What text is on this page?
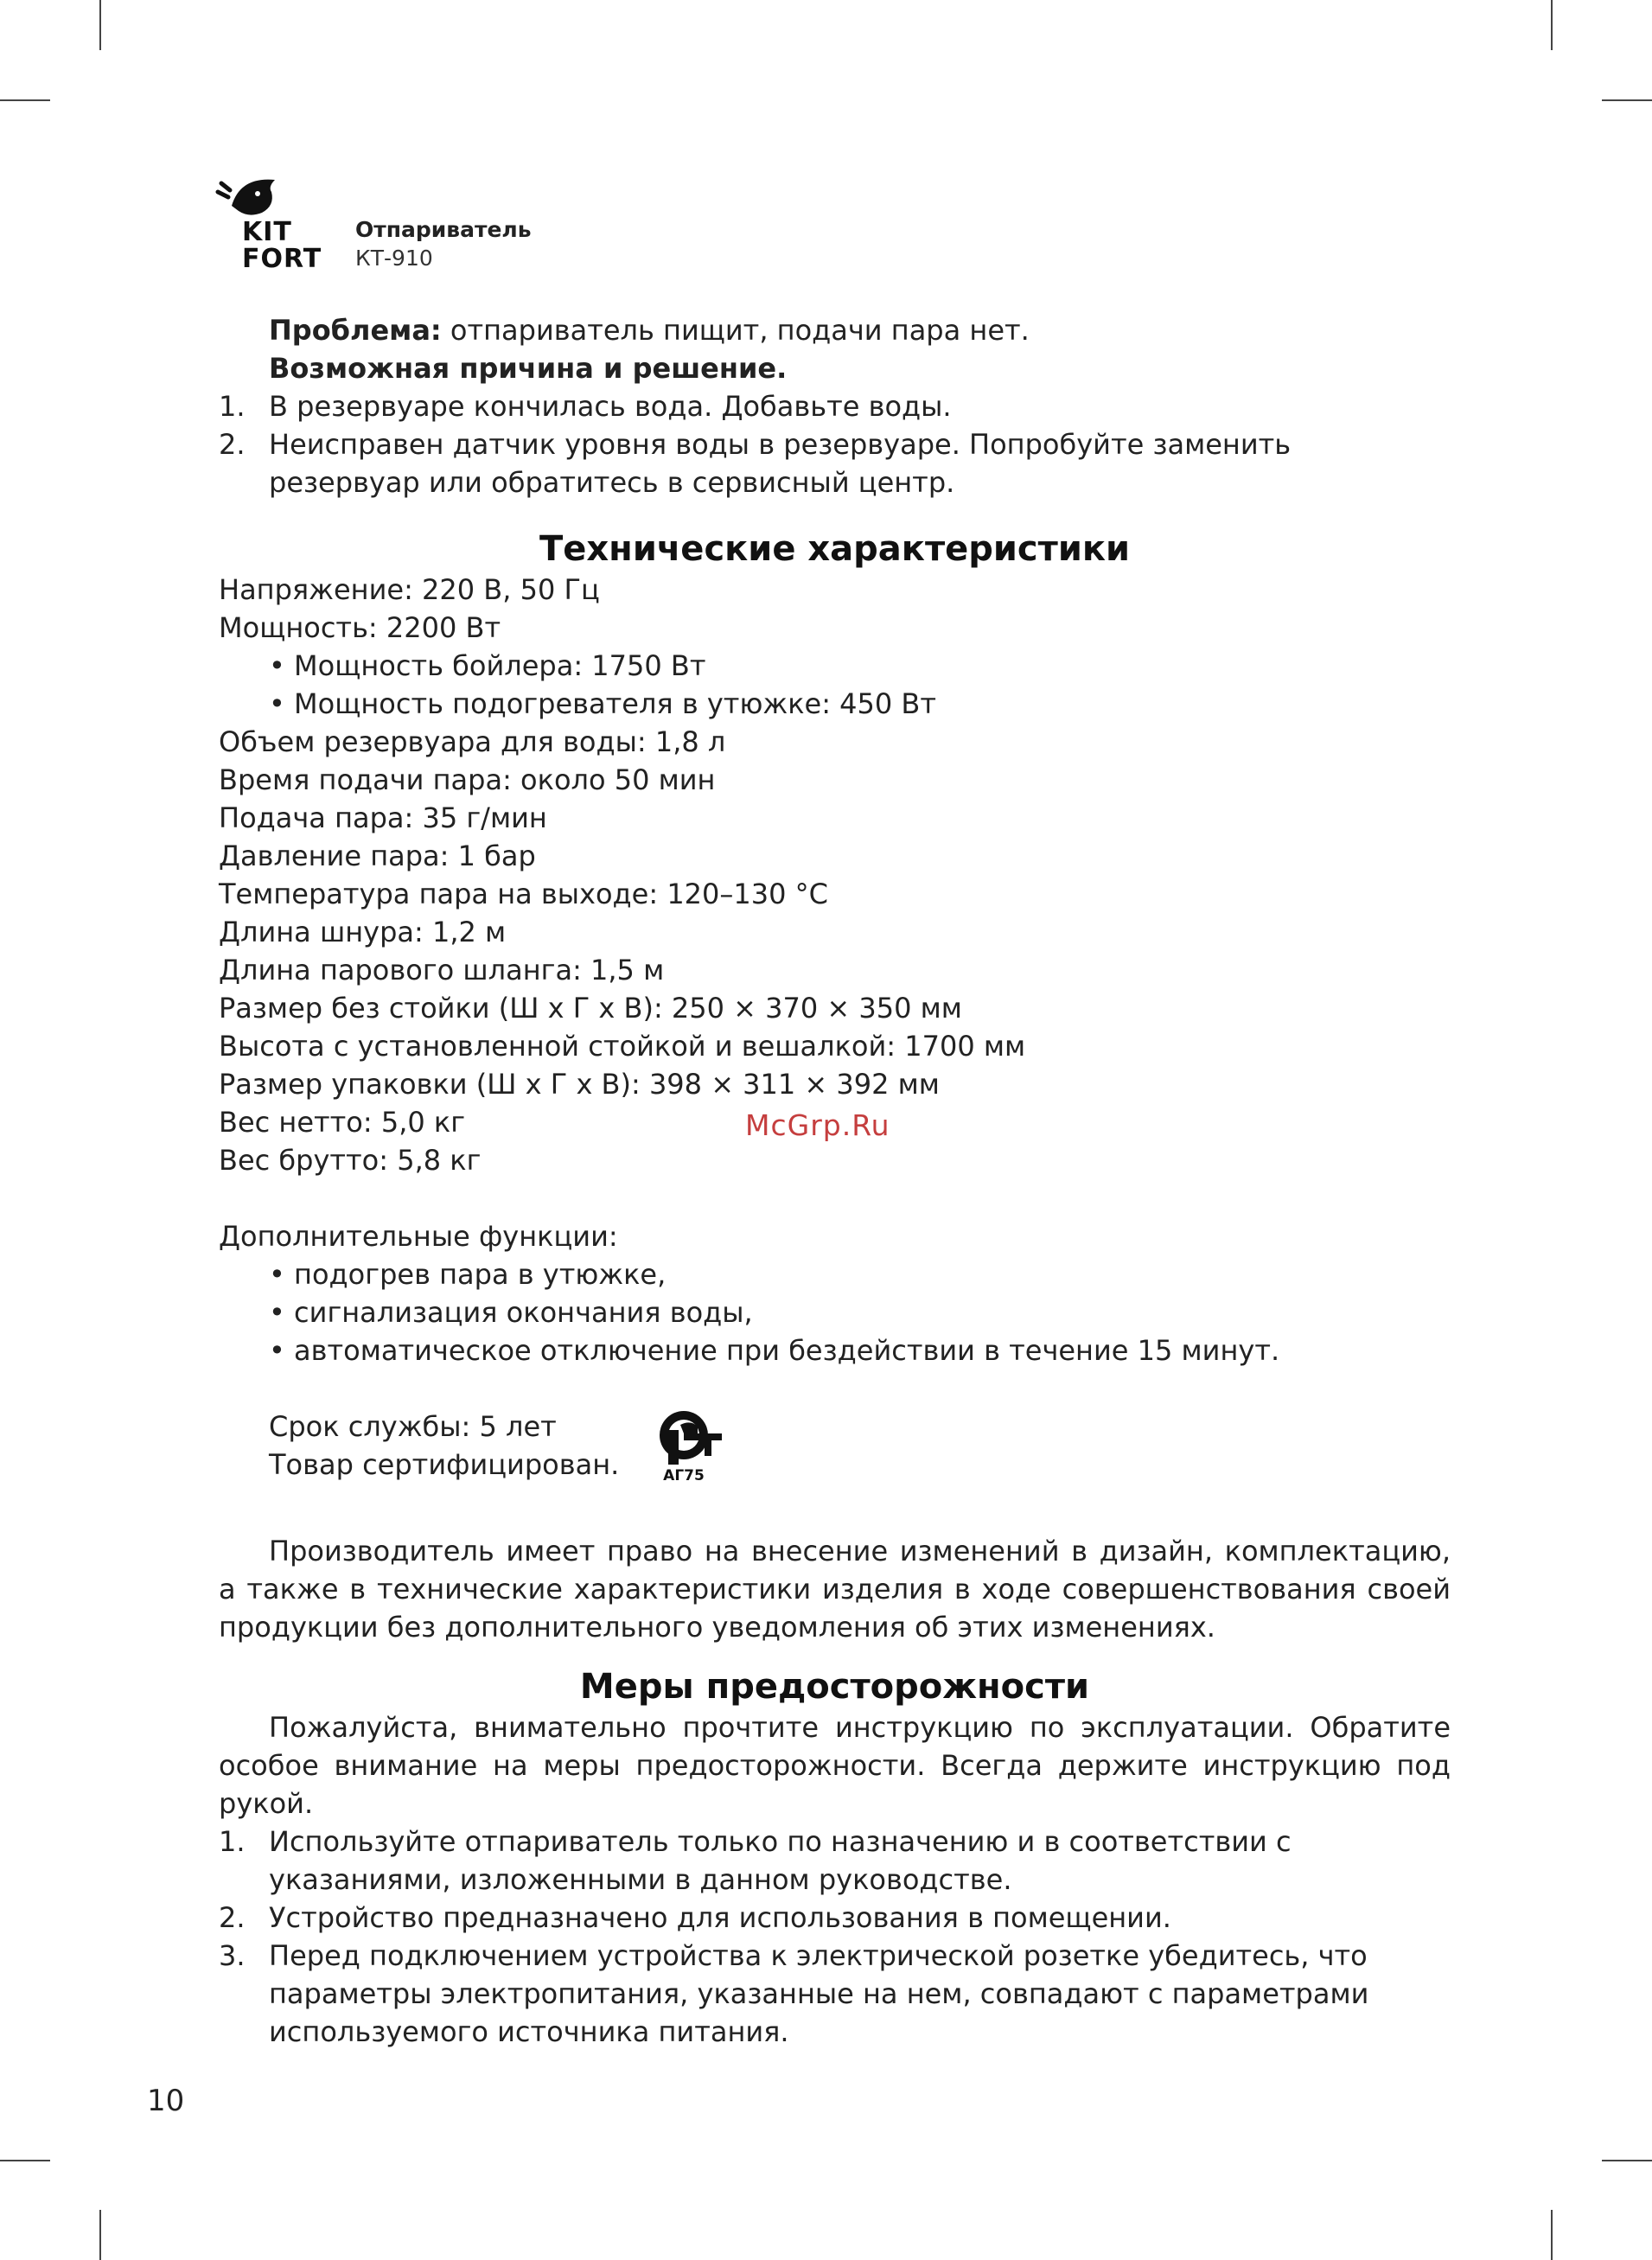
KIT
FORT
Отпариватель
КТ-910

Проблема: отпариватель пищит, подачи пара нет.

Возможная причина и решение.

1. В резервуаре кончилась вода. Добавьте воды.
2. Неисправен датчик уровня воды в резервуаре. Попробуйте заменить резервуар или обратитесь в сервисный центр.
Технические характеристики

Напряжение: 220 В, 50 Гц

Мощность: 2200 Вт

• Мощность бойлера: 1750 Вт

• Мощность подогревателя в утюжке: 450 Вт

Объем резервуара для воды: 1,8 л

Время подачи пара: около 50 мин

Подача пара: 35 г/мин

Давление пара: 1 бар

Температура пара на выходе: 120–130 °С

Длина шнура: 1,2 м

Длина парового шланга: 1,5 м

Размер без стойки (Ш х Г х В): 250 × 370 × 350 мм

Высота с установленной стойкой и вешалкой: 1700 мм

Размер упаковки (Ш х Г х В): 398 × 311 × 392 мм

Вес нетто: 5,0 кг

Вес брутто: 5,8 кг

Дополнительные функции:

• подогрев пара в утюжке,

• сигнализация окончания воды,

• автоматическое отключение при бездействии в течение 15 минут.

Срок службы: 5 лет

Товар сертифицирован.	АГ75

Производитель имеет право на внесение изменений в дизайн, комплектацию, а также в технические характеристики изделия в ходе совершенствования своей продукции без дополнительного уведомления об этих изменениях.

Меры предосторожности

Пожалуйста, внимательно прочтите инструкцию по эксплуатации. Обратите особое внимание на меры предосторожности. Всегда держите инструкцию под рукой.

1. Используйте отпариватель только по назначению и в соответствии с указаниями, изложенными в данном руководстве.
2. Устройство предназначено для использования в помещении.
3. Перед подключением устройства к электрической розетке убедитесь, что параметры электропитания, указанные на нем, совпадают с параметрами используемого источника питания.
McGrp.Ru
10
